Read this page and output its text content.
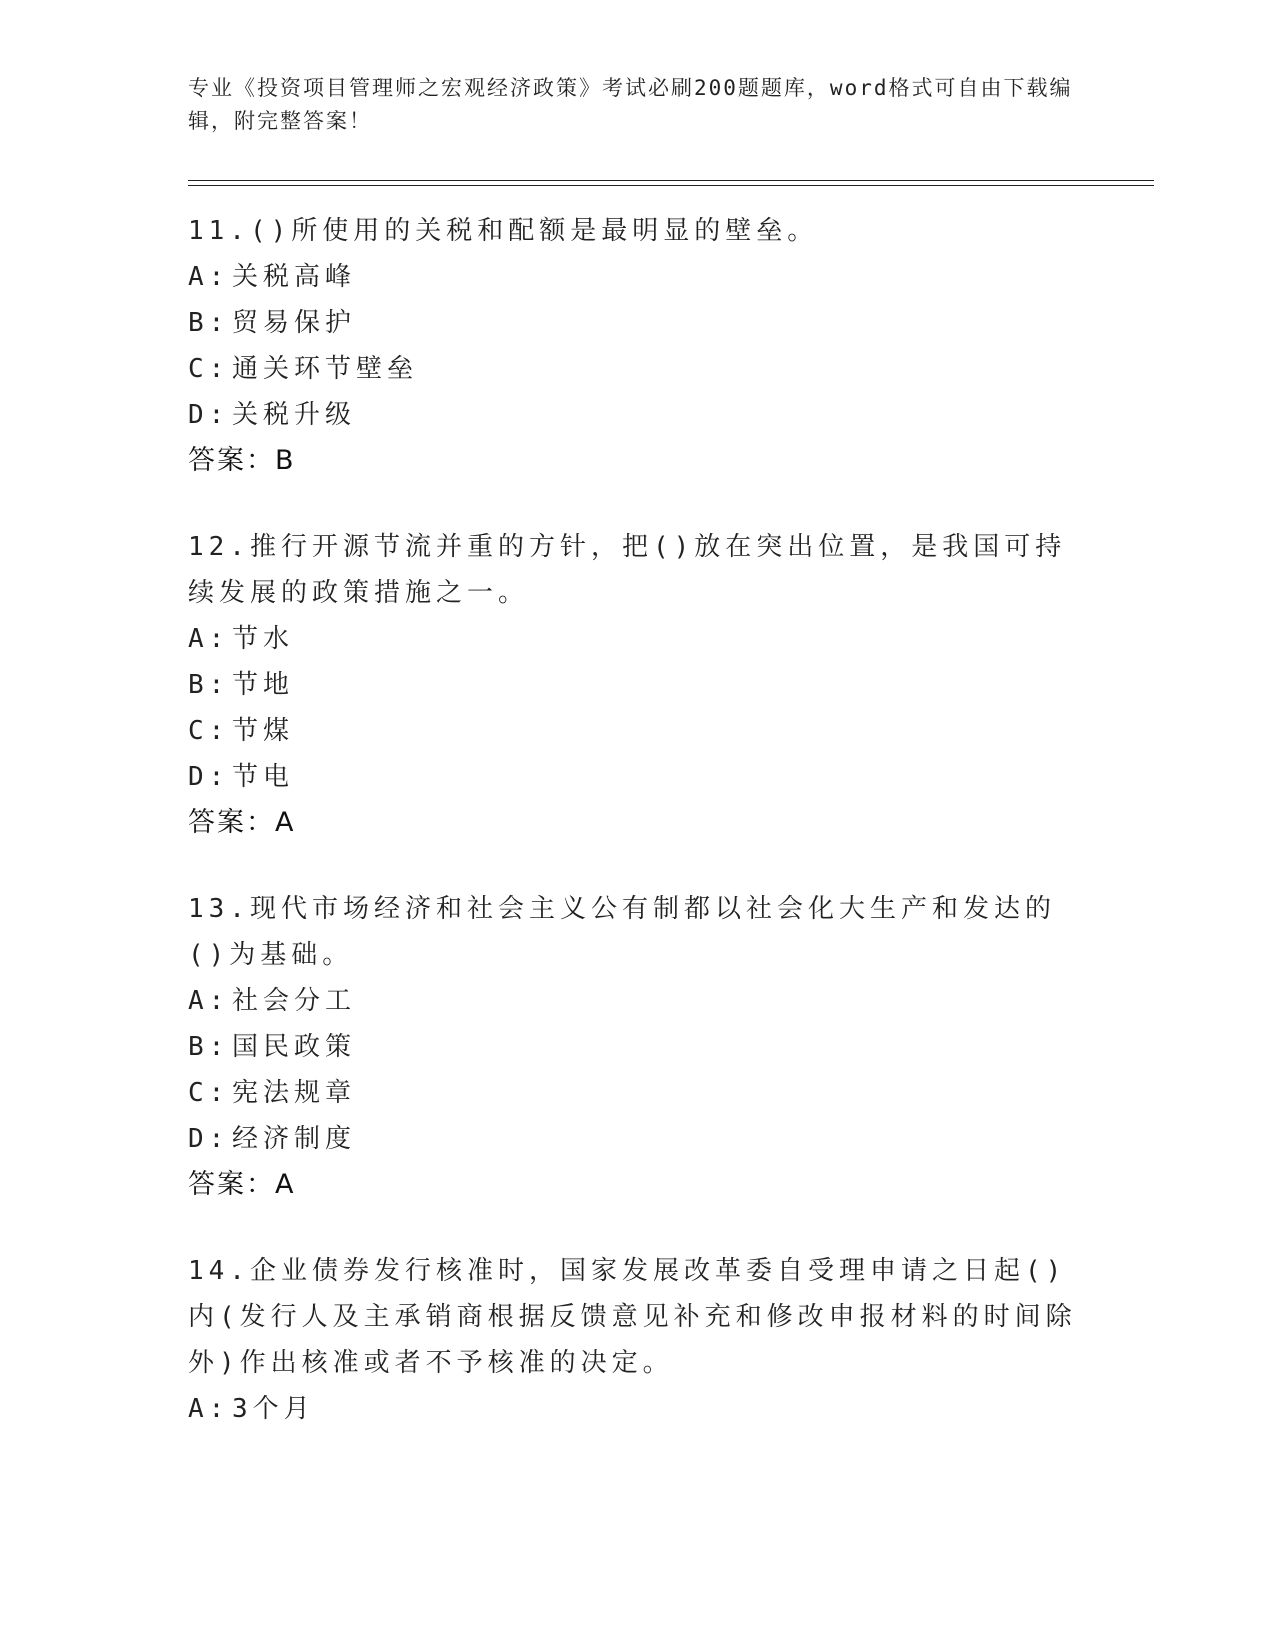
专业《投资项目管理师之宏观经济政策》考试必刷200题题库，word格式可自由下载编辑，附完整答案！

11.()所使用的关税和配额是最明显的壁垒。

A: 关税高峰

B: 贸易保护

C: 通关环节壁垒

D: 关税升级

答案：B

12.推行开源节流并重的方针，把()放在突出位置，是我国可持续发展的政策措施之一。

A: 节水

B: 节地

C: 节煤

D: 节电

答案：A

13.现代市场经济和社会主义公有制都以社会化大生产和发达的()为基础。

A: 社会分工

B: 国民政策

C: 宪法规章

D: 经济制度

答案：A

14.企业债券发行核准时，国家发展改革委自受理申请之日起()内(发行人及主承销商根据反馈意见补充和修改申报材料的时间除外)作出核准或者不予核准的决定。

A: 3个月
